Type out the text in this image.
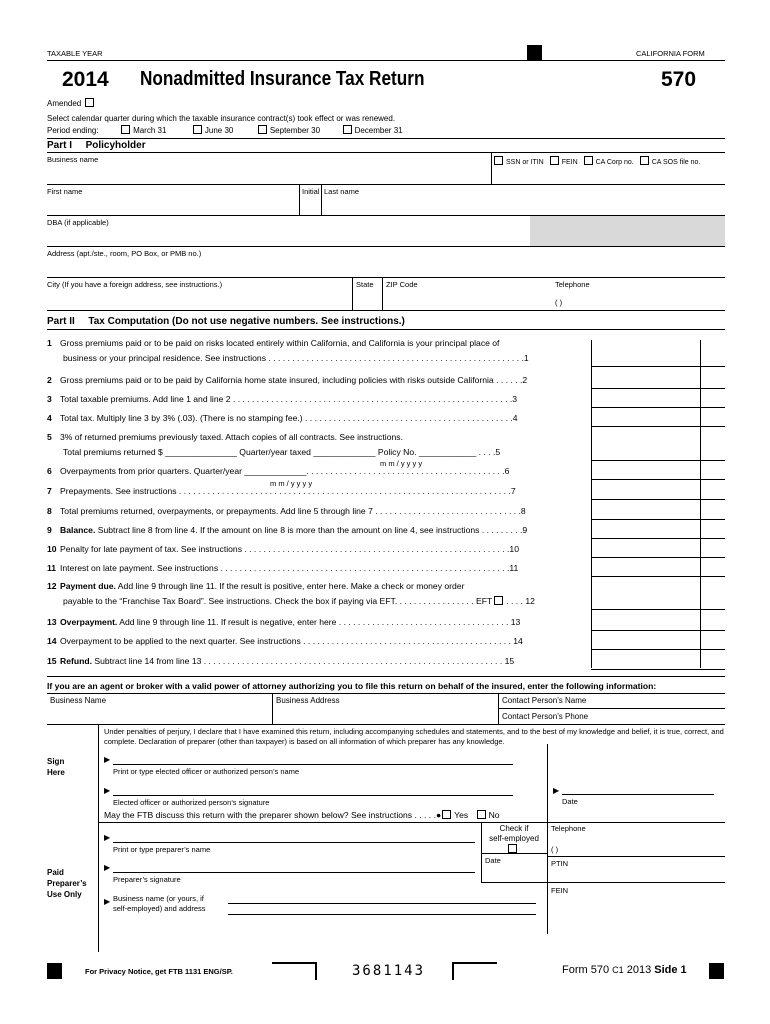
TAXABLE YEAR	CALIFORNIA FORM
2014 Nonadmitted Insurance Tax Return	570
Amended
Select calendar quarter during which the taxable insurance contract(s) took effect or was renewed.
Period ending:	March 31	June 30	September 30	December 31
Part I Policyholder
Business name	SSN or ITIN	FEIN	CA Corp no.	CA SOS file no.
First name	Initial Last name
DBA (if applicable)
Address (apt./ste., room, PO Box, or PMB no.)
City (If you have a foreign address, see instructions.)	State ZIP Code	Telephone
( )
Part II Tax Computation (Do not use negative numbers. See instructions.)
1 Gross premiums paid or to be paid on risks located entirely within California, and California is your principal place of
business or your principal residence. See instructions . . . . . . . . . . . . . . . . . . . . . . . . . . . . . . . . . . . . . . . . . . . . . . . . . . . . . .1
2 Gross premiums paid or to be paid by California home state insured, including policies with risks outside California . . . . . .2
3 Total taxable premiums. Add line 1 and line 2 . . . . . . . . . . . . . . . . . . . . . . . . . . . . . . . . . . . . . . . . . . . . . . . . . . . . . . . . . . .3
4 Total tax. Multiply line 3 by 3% (.03). (There is no stamping fee.) . . . . . . . . . . . . . . . . . . . . . . . . . . . . . . . . . . . . . . . . . . . .4
5 3% of returned premiums previously taxed. Attach copies of all contracts. See instructions.
Total premiums returned $ _______________ Quarter/year taxed _____________ Policy No. ____________ . . . .5
m m / y y y y
6 Overpayments from prior quarters. Quarter/year _____________. . . . . . . . . . . . . . . . . . . . . . . . . . . . . . . . . . . . . . . . . .6
m m / y y y y
7 Prepayments. See instructions . . . . . . . . . . . . . . . . . . . . . . . . . . . . . . . . . . . . . . . . . . . . . . . . . . . . . . . . . . . . . . . . . . . . . .7
8 Total premiums returned, overpayments, or prepayments. Add line 5 through line 7 . . . . . . . . . . . . . . . . . . . . . . . . . . . . . . .8
9 Balance. Subtract line 8 from line 4. If the amount on line 8 is more than the amount on line 4, see instructions . . . . . . . . .9
10 Penalty for late payment of tax. See instructions . . . . . . . . . . . . . . . . . . . . . . . . . . . . . . . . . . . . . . . . . . . . . . . . . . . . . . . .10
11 Interest on late payment. See instructions . . . . . . . . . . . . . . . . . . . . . . . . . . . . . . . . . . . . . . . . . . . . . . . . . . . . . . . . . . . . .11
12 Payment due. Add line 9 through line 11. If the result is positive, enter here. Make a check or money order
payable to the “Franchise Tax Board”. See instructions. Check the box if paying via EFT. . . . . . . . . . . . . . . . . EFT . . . . 12
13 Overpayment. Add line 9 through line 11. If result is negative, enter here . . . . . . . . . . . . . . . . . . . . . . . . . . . . . . . . . . . . 13
14 Overpayment to be applied to the next quarter. See instructions . . . . . . . . . . . . . . . . . . . . . . . . . . . . . . . . . . . . . . . . . . . . 14
15 Refund. Subtract line 14 from line 13 . . . . . . . . . . . . . . . . . . . . . . . . . . . . . . . . . . . . . . . . . . . . . . . . . . . . . . . . . . . . . . . 15
If you are an agent or broker with a valid power of attorney authorizing you to file this return on behalf of the insured, enter the following information:
Business Name	Business Address	Contact Person’s Name
Contact Person’s Phone
Under penalties of perjury, I declare that I have examined this return, including accompanying schedules and statements, and to the best of my knowledge and belief, it is true, correct, and complete. Declaration of preparer (other than taxpayer) is based on all information of which preparer has any knowledge.
Sign
Here
▶
Print or type elected officer or authorized person’s name
▶
Elected officer or authorized person’s signature
▶
Date
May the FTB discuss this return with the preparer shown below? See instructions . . . . .● Yes No
Paid
Preparer’s
Use Only
▶
Print or type preparer’s name
Check if
self-employed
Date
Telephone
( )
PTIN
▶
Preparer’s signature
FEIN
▶ Business name (or yours, if
self-employed) and address
For Privacy Notice, get FTB 1131 ENG/SP.	3681143	Form 570 C1 2013 Side 1
